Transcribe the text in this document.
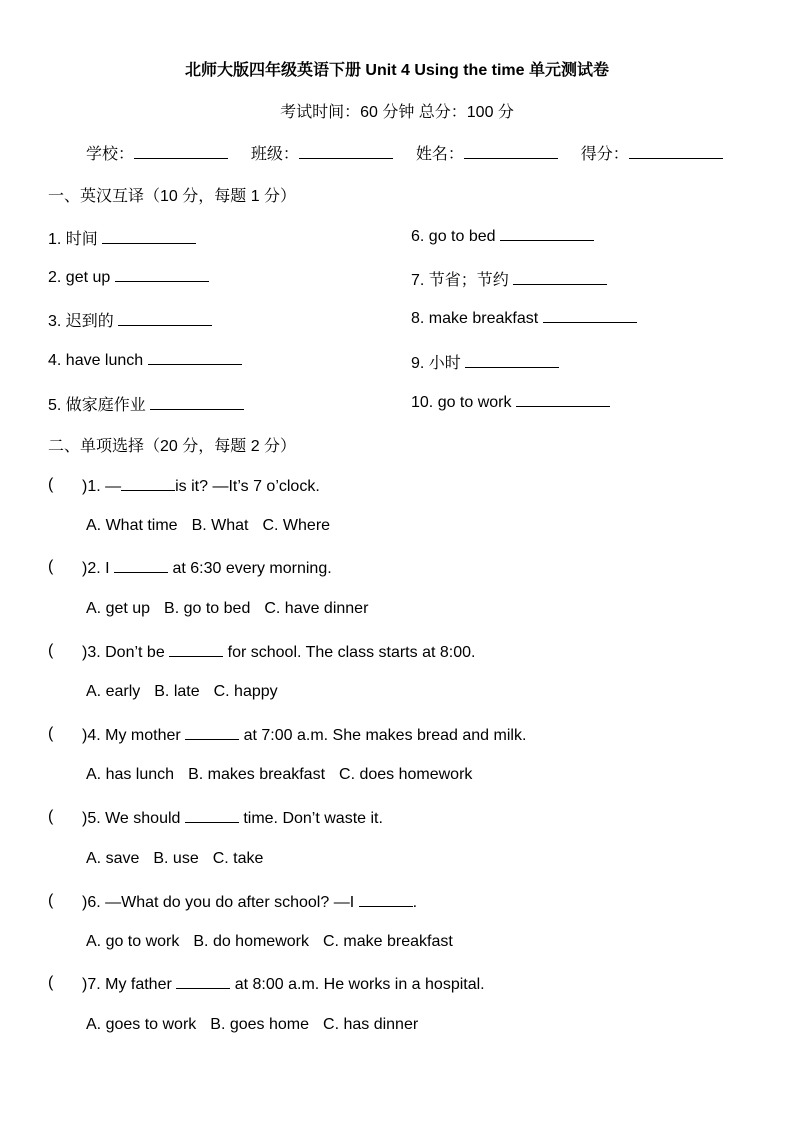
北师大版四年级英语下册 Unit 4 Using the time 单元测试卷
考试时间：60 分钟 总分：100 分
学校：	班级：	姓名：	得分：
一、英汉互译（10 分，每题 1 分）
1. 时间	6. go to bed
2. get up	7. 节省；节约
3. 迟到的	8. make breakfast
4. have lunch	9. 小时
5. 做家庭作业	10. go to work
二、单项选择（20 分，每题 2 分）
( )1. —	is it? —It’s 7 o’clock.
A. What time B. What C. Where
( )2. I	at 6:30 every morning.
A. get up B. go to bed C. have dinner
( )3. Don’t be	for school. The class starts at 8:00.
A. early B. late C. happy
( )4. My mother	at 7:00 a.m. She makes bread and milk.
A. has lunch B. makes breakfast C. does homework
( )5. We should	time. Don’t waste it.
A. save B. use C. take
( )6. —What do you do after school? —I	.
A. go to work B. do homework C. make breakfast
( )7. My father	at 8:00 a.m. He works in a hospital.
A. goes to work B. goes home C. has dinner
